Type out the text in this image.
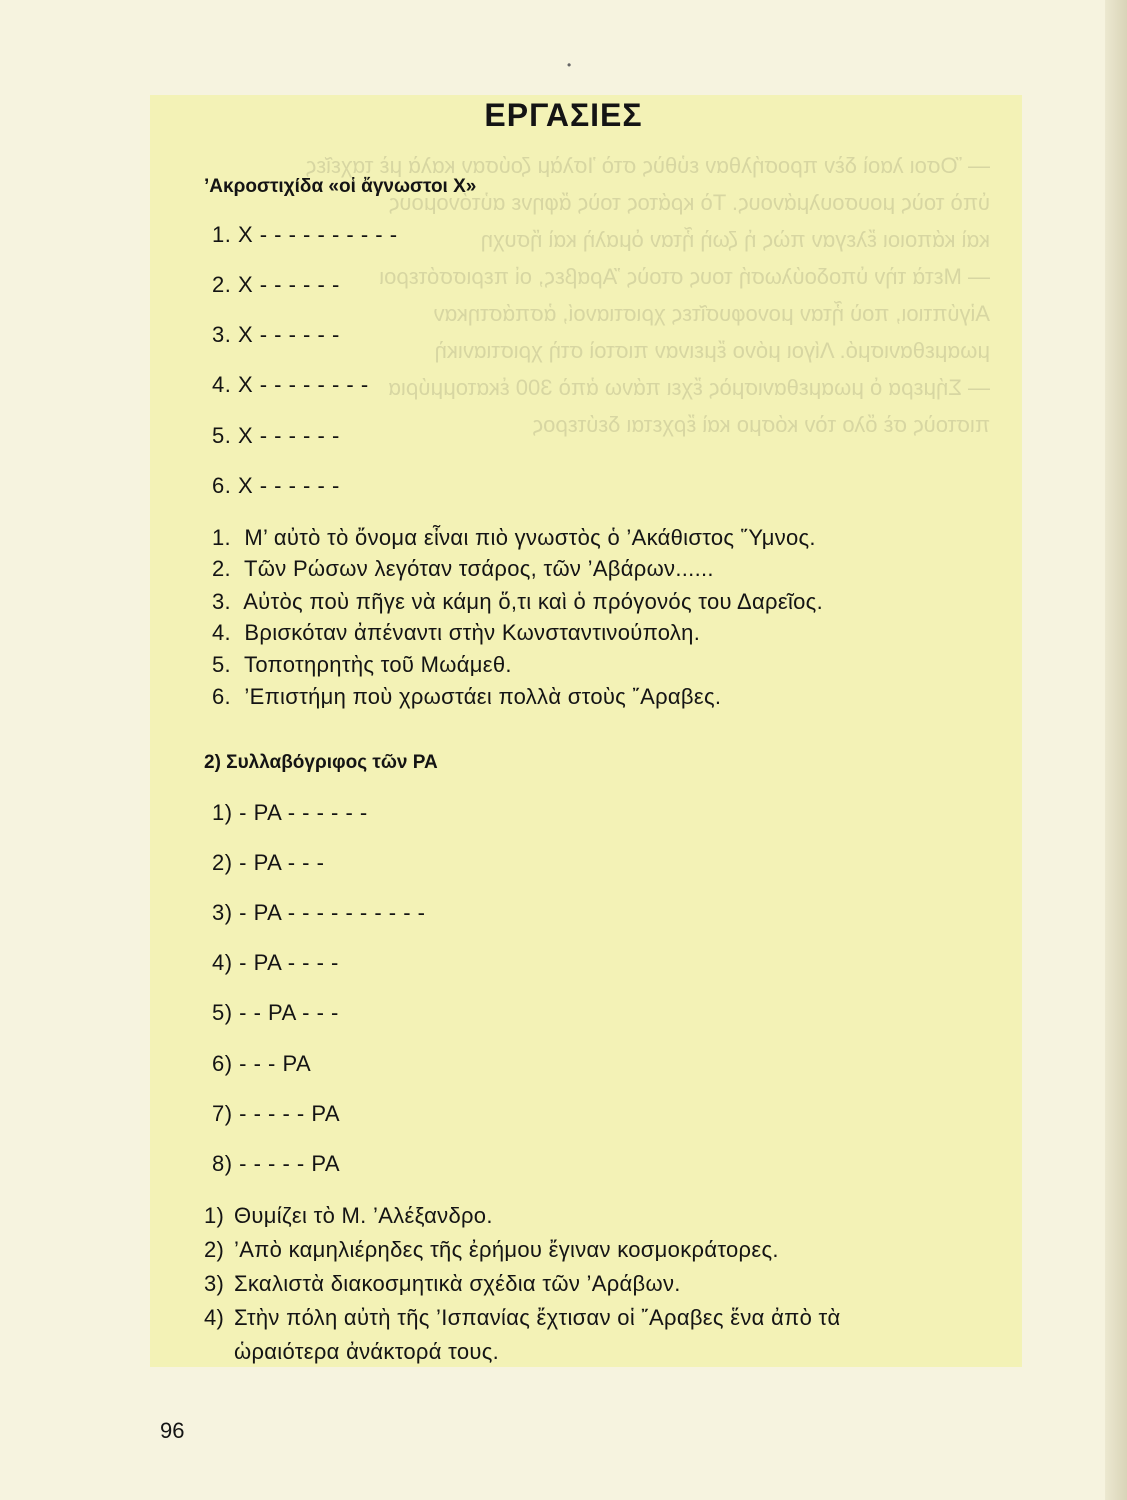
•
ΕΡΓΑΣΙΕΣ
’Ακροστιχίδα «οἱ ἄγνωστοι Χ»
1. Χ - - - - - - - - - -
2. Χ - - - - - -
3. Χ - - - - - -
4. Χ - - - - - - - -
5. Χ - - - - - -
6. Χ - - - - - -
1. Μ’ αὐτὸ τὸ ὄνομα εἶναι πιὸ γνωστὸς ὁ ’Ακάθιστος ῞Υμνος.
2. Τῶν Ρώσων λεγόταν τσάρος, τῶν ’Αβάρων......
3. Αὐτὸς ποὺ πῆγε νὰ κάμη ὅ,τι καὶ ὁ πρόγονός του Δαρεῖος.
4. Βρισκόταν ἀπέναντι στὴν Κωνσταντινούπολη.
5. Τοποτηρητὴς τοῦ Μωάμεθ.
6. ’Επιστήμη ποὺ χρωστάει πολλὰ στοὺς ῎Αραβες.
2) Συλλαβόγριφος τῶν ΡΑ
1) - ΡΑ - - - - - -
2) - ΡΑ - - -
3) - ΡΑ - - - - - - - - - -
4) - ΡΑ - - - -
5) - - ΡΑ - - -
6) - - - ΡΑ
7) - - - - - ΡΑ
8) - - - - - ΡΑ
1) Θυμίζει τὸ Μ. ’Αλέξανδρο.
2) ’Απὸ καμηλιέρηδες τῆς ἐρήμου ἔγιναν κοσμοκράτορες.
3) Σκαλιστὰ διακοσμητικὰ σχέδια τῶν ’Αράβων.
4) Στὴν πόλη αὐτὴ τῆς ’Ισπανίας ἔχτισαν οἱ ῎Αραβες ἕνα ἀπὸ τὰ
ὡραιότερα ἀνάκτορά τους.
96
